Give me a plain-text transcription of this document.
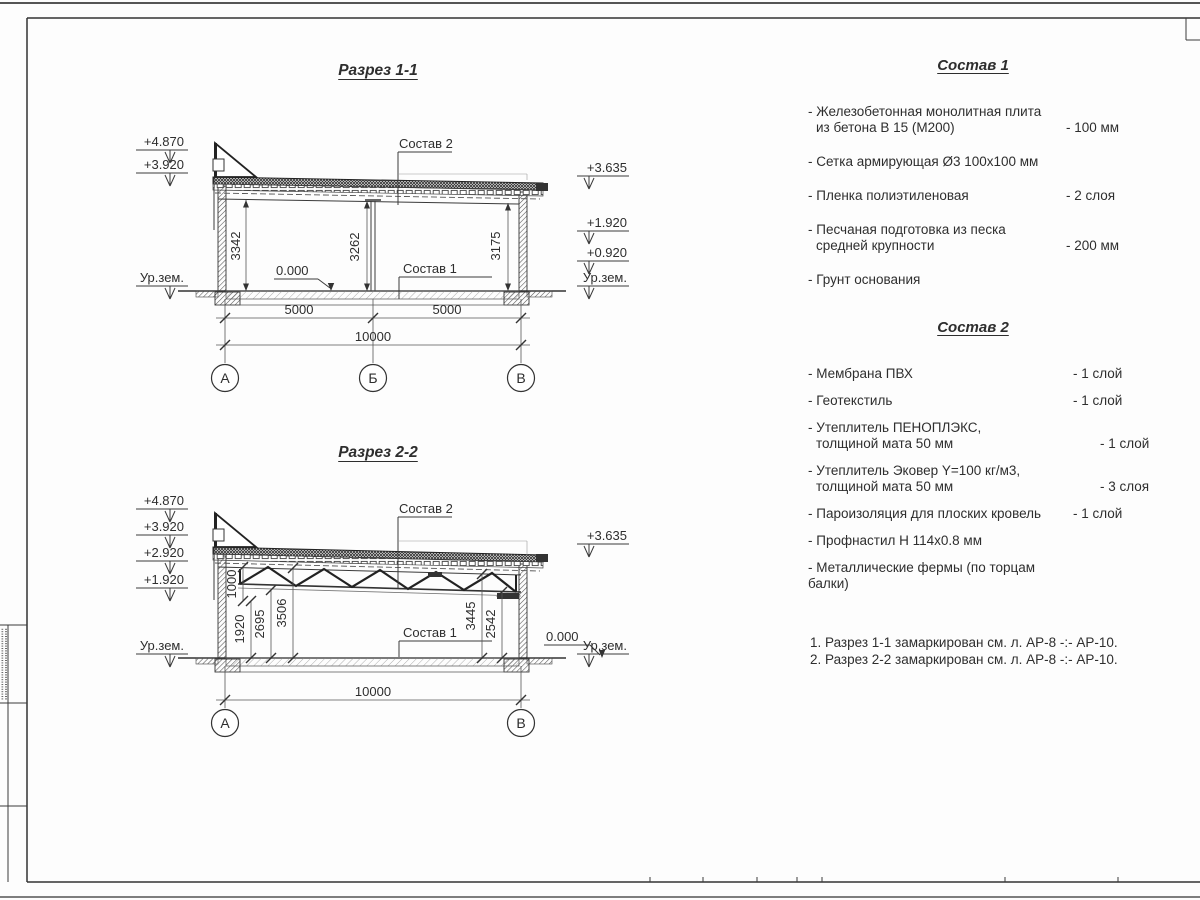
Состав 2
Состав 1
0.000
3342	3262	3175
5000	5000
10000
А	Б	В
+4.870
+3.920
Ур.зем.
+3.635
+1.920
+0.920
Ур.зем.
Состав 2
Состав 1	0.000
1000
1920 2695 3506	3445 2542
10000
А	В
+4.870
+3.920
+2.920
+1.920
Ур.зем.
+3.635
Ур.зем.
Разрез 1-1
Разрез 2-2
Состав 1
- Железобетонная монолитная плита
из бетона В 15 (М200)	- 100 мм
- Сетка армирующая Ø3 100х100 мм
- Пленка полиэтиленовая	- 2 слоя
- Песчаная подготовка из песка
средней крупности	- 200 мм
- Грунт основания
Состав 2
- Мембрана ПВХ	- 1 слой
- Геотекстиль	- 1 слой
- Утеплитель ПЕНОПЛЭКС,
толщиной мата 50 мм	- 1 слой
- Утеплитель Эковер Y=100 кг/м3,
толщиной мата 50 мм	- 3 слоя
- Пароизоляция для плоских кровель - 1 слой
- Профнастил Н 114х0.8 мм
- Металлические фермы (по торцам балки)
1. Разрез 1-1 замаркирован см. л. АР-8 -:- АР-10.
2. Разрез 2-2 замаркирован см. л. АР-8 -:- АР-10.
